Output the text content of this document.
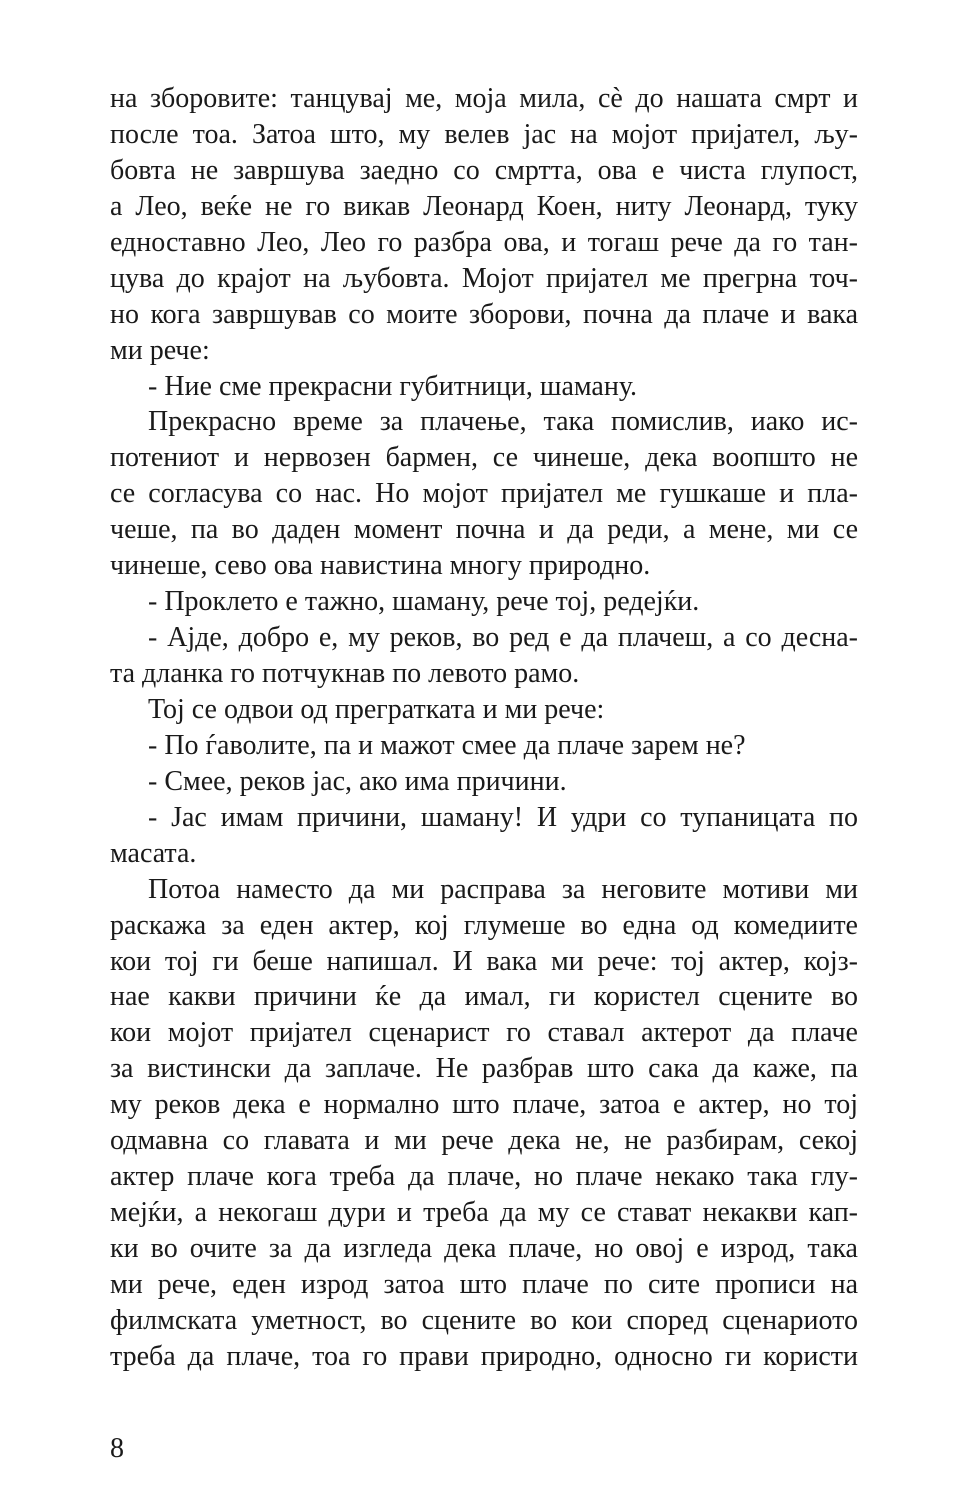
на зборовите: танцувај ме, моја мила, сѐ до нашата смрт и
после тоа. Затоа што, му велев јас на мојот пријател, љу-
бовта не завршува заедно со смртта, ова е чиста глупост,
а Лео, веќе не го викав Леонард Коен, ниту Леонард, туку
едноставно Лео, Лео го разбра ова, и тогаш рече да го тан-
цува до крајот на љубовта. Мојот пријател ме прегрна точ-
но кога завршував со моите зборови, почна да плаче и вака
ми рече:
- Ние сме прекрасни губитници, шаману.
Прекрасно време за плачење, така помислив, иако ис-
потениот и нервозен бармен, се чинеше, дека воопшто не
се согласува со нас. Но мојот пријател ме гушкаше и пла-
чеше, па во даден момент почна и да реди, а мене, ми се
чинеше, сево ова навистина многу природно.
- Проклето е тажно, шаману, рече тој, редејќи.
- Ајде, добро е, му реков, во ред е да плачеш, а со десна-
та дланка го потчукнав по левото рамо.
Тој се одвои од прегратката и ми рече:
- По ѓаволите, па и мажот смее да плаче зарем не?
- Смее, реков јас, ако има причини.
- Јас имам причини, шаману! И удри со тупаницата по
масата.
Потоа наместо да ми расправа за неговите мотиви ми
раскажа за еден актер, кој глумеше во една од комедиите
кои тој ги беше напишал. И вака ми рече: тој актер, којз-
нае какви причини ќе да имал, ги користел сцените во
кои мојот пријател сценарист го ставал актерот да плаче
за вистински да заплаче. Не разбрав што сака да каже, па
му реков дека е нормално што плаче, затоа е актер, но тој
одмавна со главата и ми рече дека не, не разбирам, секој
актер плаче кога треба да плаче, но плаче некако така глу-
мејќи, а некогаш дури и треба да му се стават некакви кап-
ки во очите за да изгледа дека плаче, но овој е изрод, така
ми рече, еден изрод затоа што плаче по сите прописи на
филмската уметност, во сцените во кои според сценариото
треба да плаче, тоа го прави природно, односно ги користи
8
